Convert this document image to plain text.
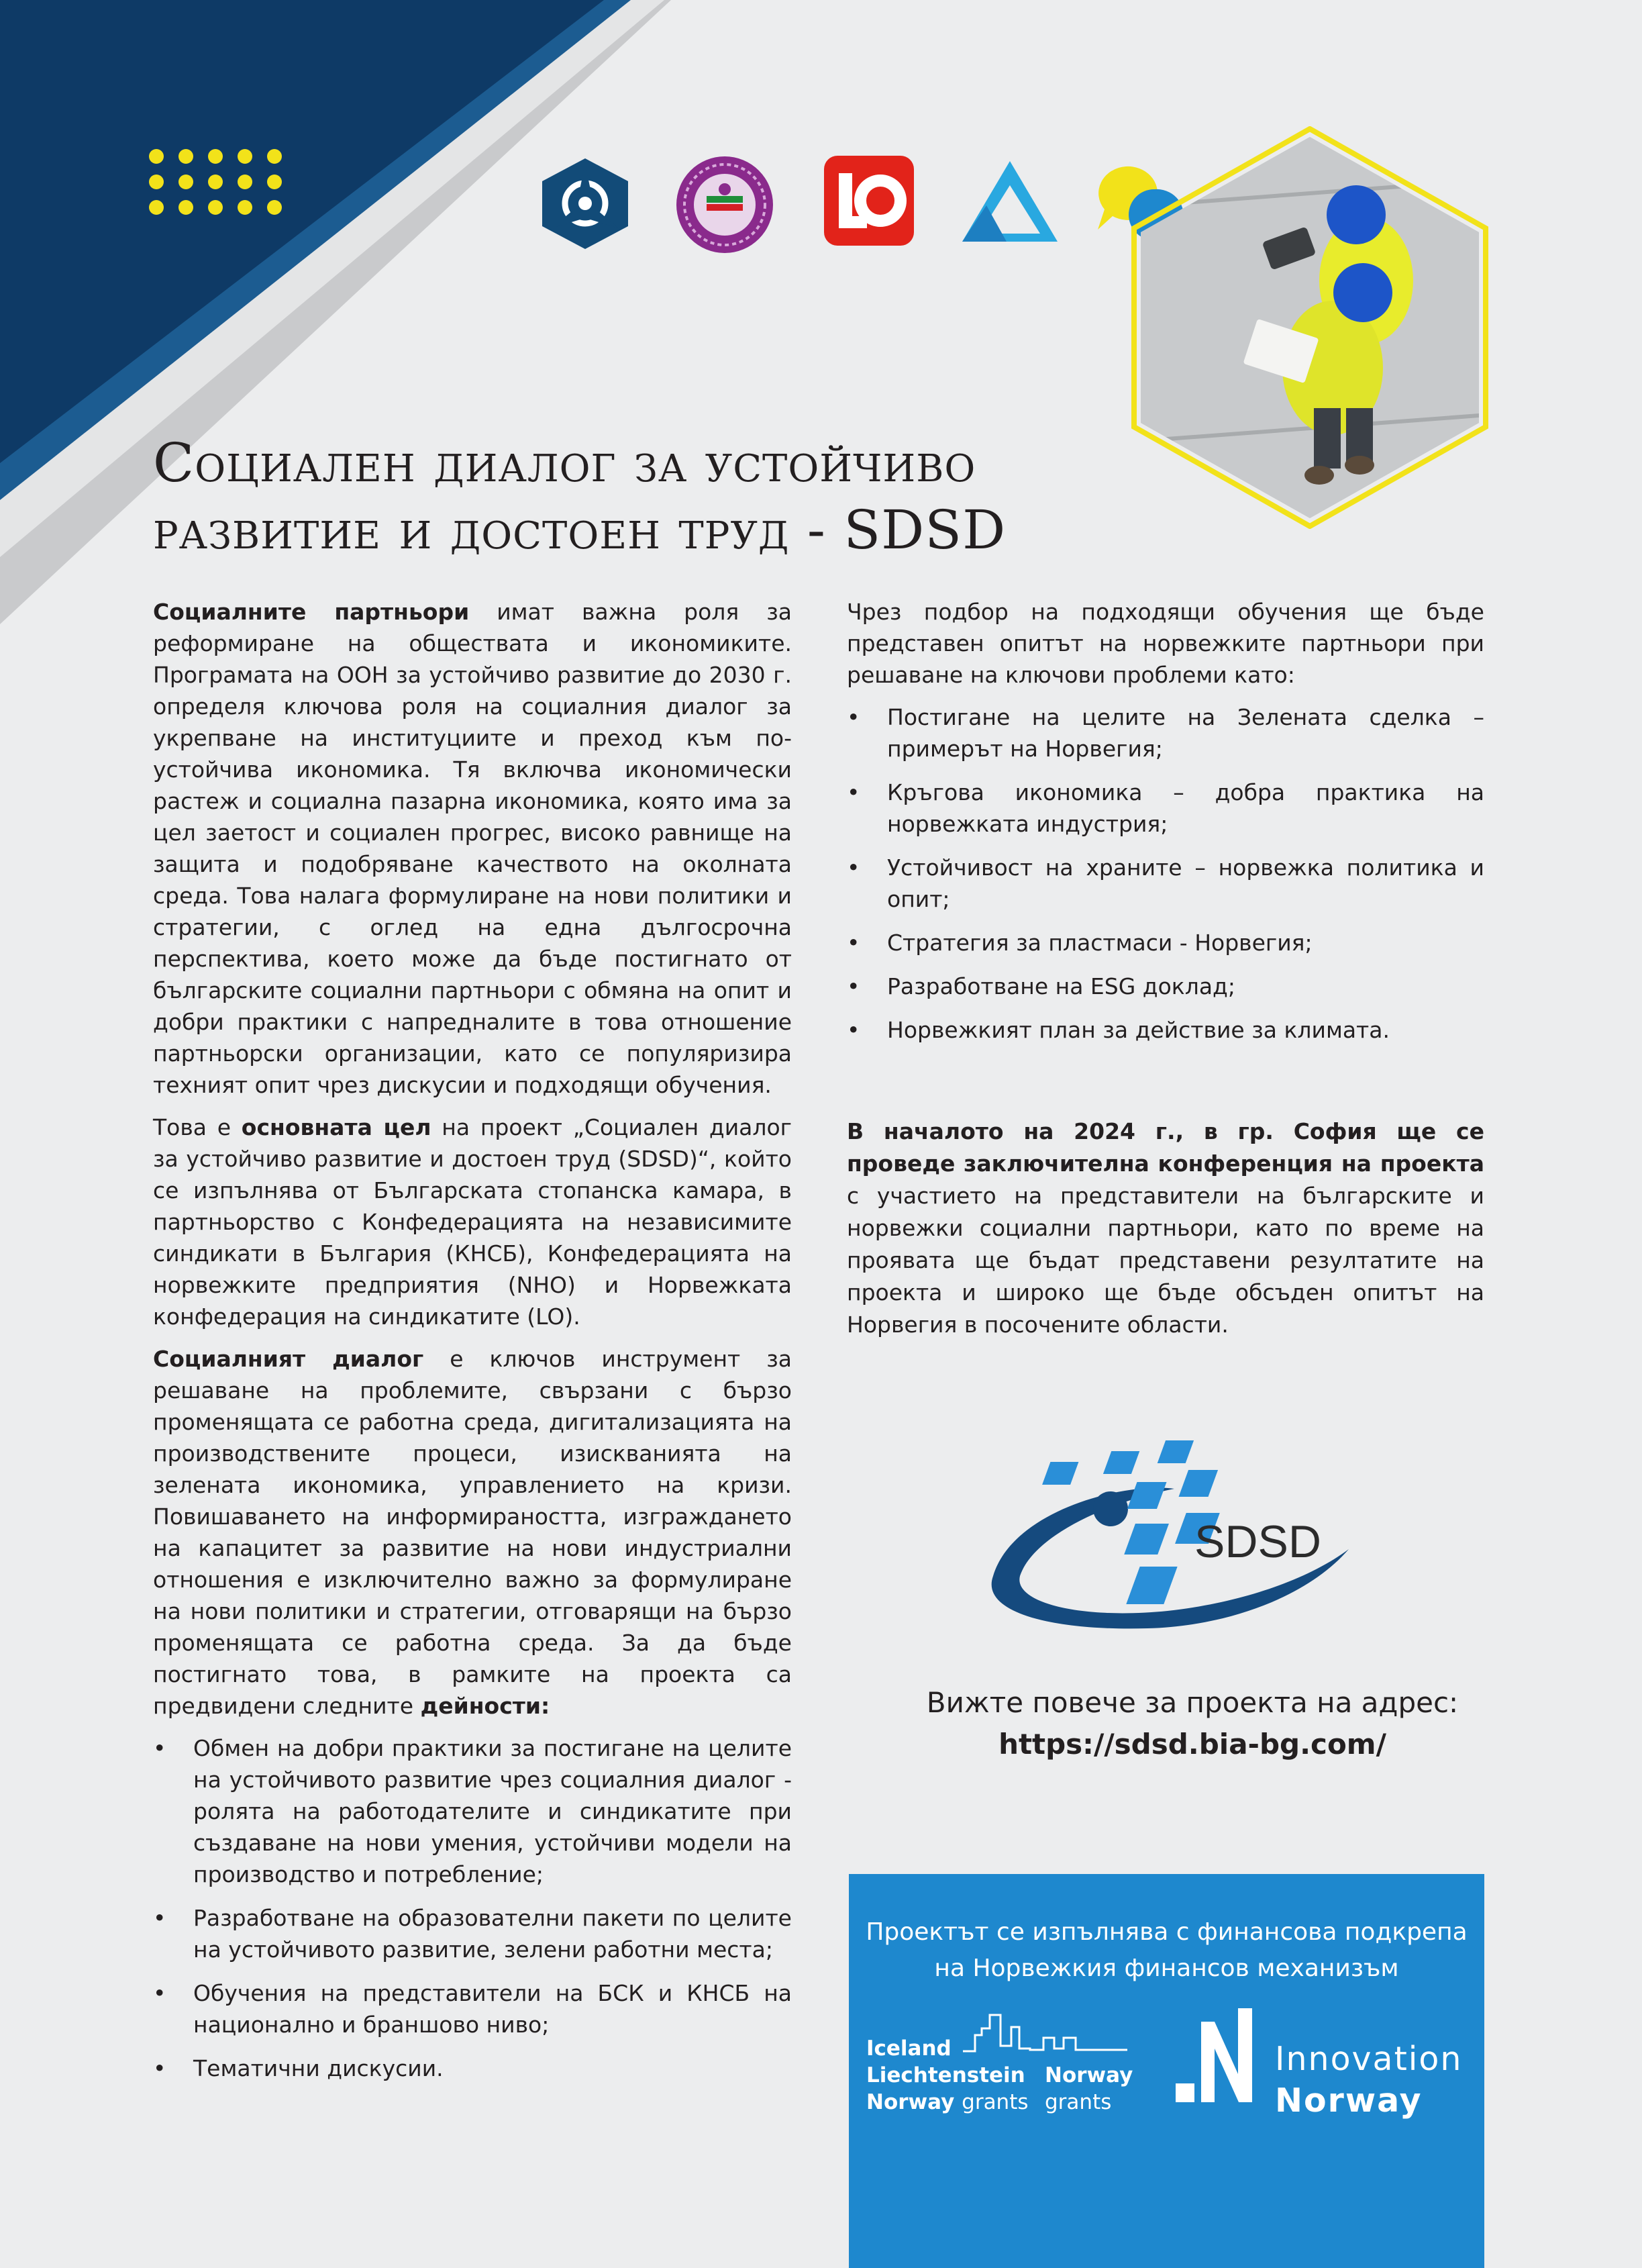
Социален диалог за устойчиво
развитие и достоен труд - SDSD

Социалните партньори имат важна роля за реформиране на обществата и икономиките. Програмата на ООН за устойчиво развитие до 2030 г. определя ключова роля на социалния диалог за укрепване на институциите и преход към по-устойчива икономика. Тя включва икономически растеж и социална пазарна икономика, която има за цел заетост и социален прогрес, високо равнище на защита и подобряване качеството на околната среда. Това налага формулиране на нови политики и стратегии, с оглед на една дългосрочна перспектива, което може да бъде постигнато от българските социални партньори с обмяна на опит и добри практики с напредналите в това отношение партньорски организации, като се популяризира техният опит чрез дискусии и подходящи обучения.

Това е основната цел на проект „Социален диалог за устойчиво развитие и достоен труд (SDSD)“, който се изпълнява от Българската стопанска камара, в партньорство с Конфедерацията на независимите синдикати в България (КНСБ), Конфедерацията на норвежките предприятия (NHO) и Норвежката конфедерация на синдикатите (LO).

Социалният диалог е ключов инструмент за решаване на проблемите, свързани с бързо променящата се работна среда, дигитализацията на производствените процеси, изискванията на зелената икономика, управлението на кризи. Повишаването на информираността, изграждането на капацитет за развитие на нови индустриални отношения е изключително важно за формулиране на нови политики и стратегии, отговарящи на бързо променящата се работна среда. За да бъде постигнато това, в рамките на проекта са предвидени следните дейности:

• Обмен на добри практики за постигане на целите на устойчивото развитие чрез социалния диалог - ролята на работодателите и синдикатите при създаване на нови умения, устойчиви модели на производство и потребление;
• Разработване на образователни пакети по целите на устойчивото развитие, зелени работни места;
• Обучения на представители на БСК и КНСБ на национално и браншово ниво;
• Тематични дискусии.

Чрез подбор на подходящи обучения ще бъде представен опитът на норвежките партньори при решаване на ключови проблеми като:

• Постигане на целите на Зелената сделка – примерът на Норвегия;
• Кръгова икономика – добра практика на норвежката индустрия;
• Устойчивост на храните – норвежка политика и опит;
• Стратегия за пластмаси - Норвегия;
• Разработване на ESG доклад;
• Норвежкият план за действие за климата.

В началото на 2024 г., в гр. София ще се проведе заключителна конференция на проекта с участието на представители на българските и норвежки социални партньори, като по време на проявата ще бъдат представени резултатите на проекта и широко ще бъде обсъден опитът на Норвегия в посочените области.

SDSD
Вижте повече за проекта на адрес:
https://sdsd.bia-bg.com/

Проектът се изпълнява с финансова подкрепа
на Норвежкия финансов механизъм

Iceland
Liechtenstein
Norway grants
Norway
grants
Innovation
Norway
